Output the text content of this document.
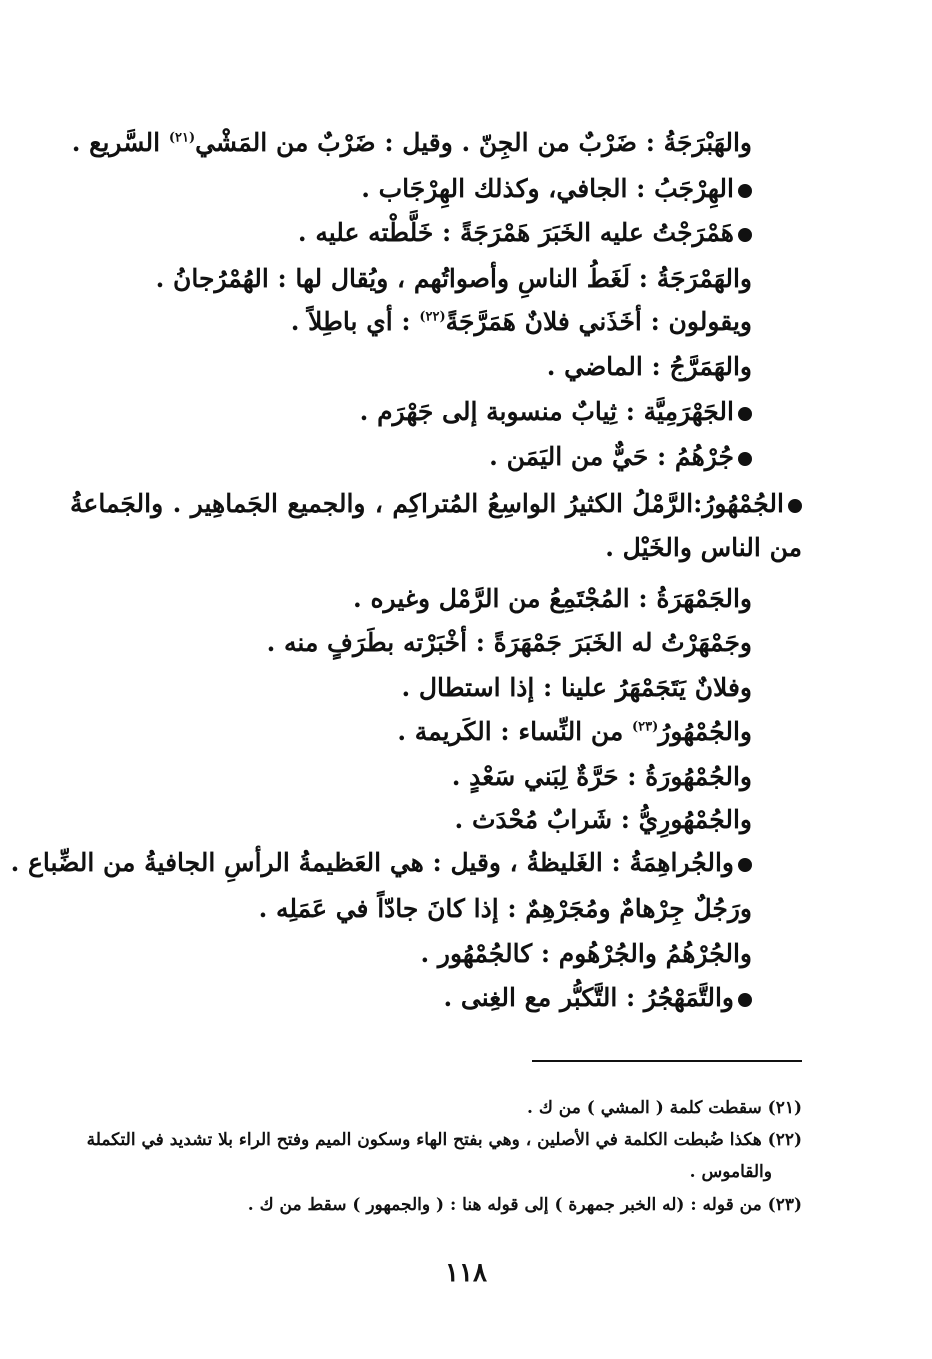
والهَبْرَجَةُ : ضَرْبٌ من الجِنّ . وقيل : ضَرْبٌ من المَشْي$^{(٢١)}$ السَّريع .
الهِرْجَبُ : الجافي، وكذلك الهِرْجَاب .
هَمْرَجْتُ عليه الخَبَرَ هَمْرَجَةً : خَلَّطْته عليه .
والهَمْرَجَةُ : لَغَطُ الناسِ وأصواتُهم ، ويُقال لها : الهُمْرُجانُ .
ويقولون : أخَذَني فلانٌ هَمَرَّجَةً$^{(٢٢)}$ : أي باطِلاً .
والهَمَرَّجُ : الماضي .
الجَهْرَمِيَّة : ثِيابٌ منسوبة إلى جَهْرَم .
جُرْهُمُ : حَيٌّ من اليَمَن .
الجُمْهُورُ:الرَّمْلُ الكثيرُ الواسِعُ المُتراكِم ، والجميع الجَماهِير . والجَماعةُ من الناس والخَيْل .
والجَمْهَرَةُ : المُجْتَمِعُ من الرَّمْل وغيره .
وجَمْهَرْتُ له الخَبَرَ جَمْهَرَةً : أخْبَرْته بطَرَفٍ منه .
وفلانٌ يَتَجَمْهَرُ علينا : إذا استطال .
والجُمْهُورُ$^{(٢٣)}$ من النِّساء : الكَريمة .
والجُمْهُورَةُ : حَرَّةٌ لِبَني سَعْدٍ .
والجُمْهُورِيُّ : شَرابٌ مُحْدَث .
والجُراهِمَةُ : الغَليظةُ ، وقيل : هي العَظيمةُ الرأسِ الجافيةُ من الضِّباع .
ورَجُلٌ جِرْهامٌ ومُجَرْهِمٌ : إذا كانَ جادّاً في عَمَلِه .
والجُرْهُمُ والجُرْهُوم : كالجُمْهُور .
والتَّمَهْجُرُ : التَّكبُّر مع الغِنى .
(٢١) سقطت كلمة ( المشي ) من ك .
(٢٢) هكذا ضُبطت الكلمة في الأصلين ، وهي بفتح الهاء وسكون الميم وفتح الراء بلا تشديد في التكملة
والقاموس .
(٢٣) من قوله : (له الخبر جمهرة ) إلى قوله هنا : ( والجمهور ) سقط من ك .
١١٨
